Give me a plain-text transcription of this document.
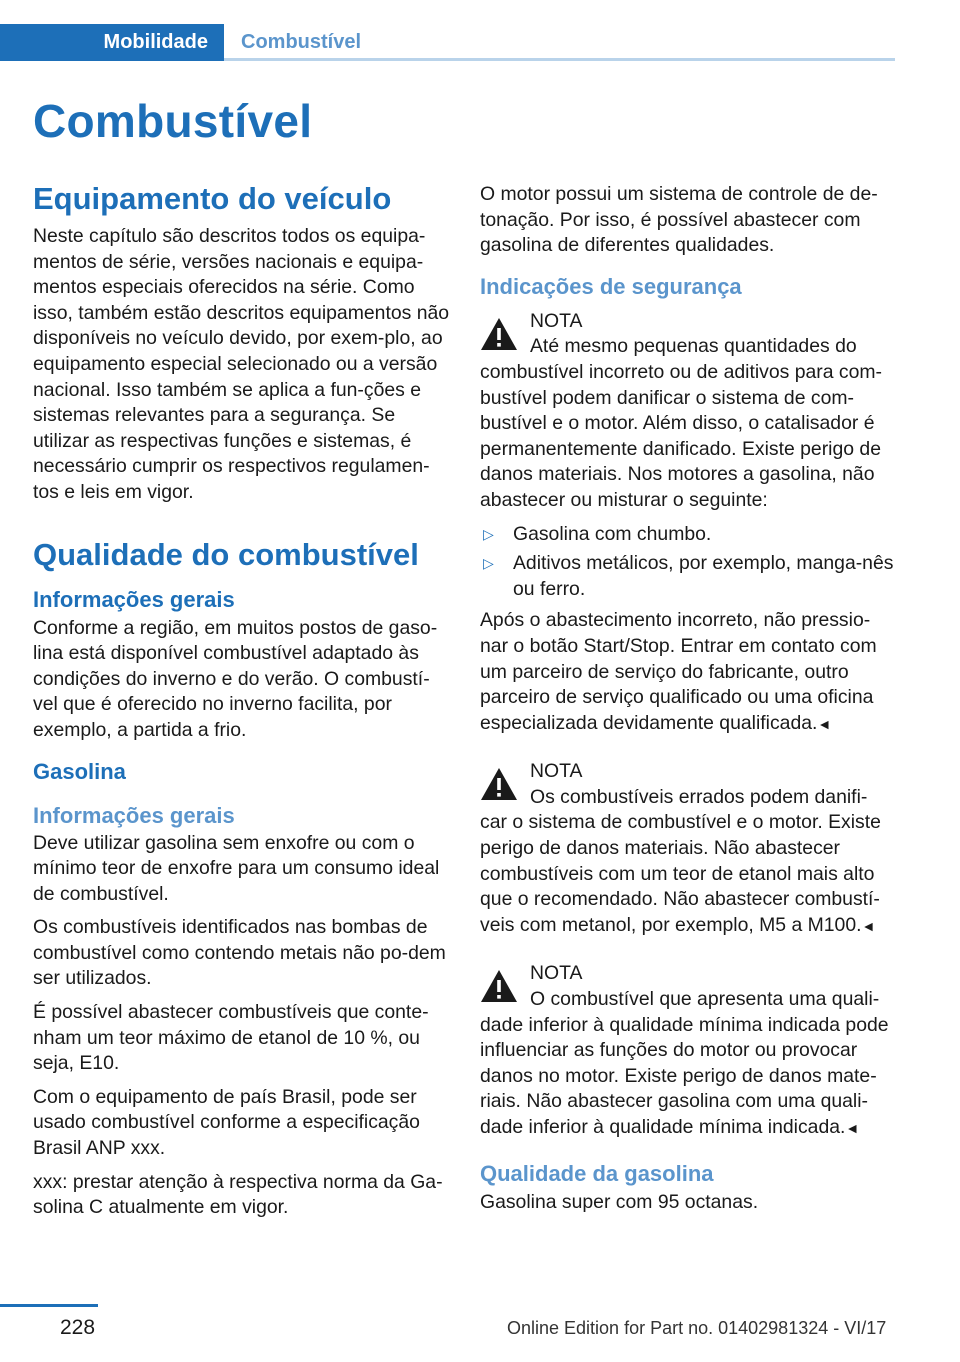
Mobilidade	Combustível
Combustível
Equipamento do veículo

Neste capítulo são descritos todos os equipa-mentos de série, versões nacionais e equipa-mentos especiais oferecidos na série. Como isso, também estão descritos equipamentos não disponíveis no veículo devido, por exem-plo, ao equipamento especial selecionado ou a versão nacional. Isso também se aplica a fun-ções e sistemas relevantes para a segurança. Se utilizar as respectivas funções e sistemas, é necessário cumprir os respectivos regulamen-tos e leis em vigor.

Qualidade do combustível
Informações gerais

Conforme a região, em muitos postos de gaso-lina está disponível combustível adaptado às condições do inverno e do verão. O combustí-vel que é oferecido no inverno facilita, por exemplo, a partida a frio.

Gasolina
Informações gerais

Deve utilizar gasolina sem enxofre ou com o mínimo teor de enxofre para um consumo ideal de combustível.

Os combustíveis identificados nas bombas de combustível como contendo metais não po-dem ser utilizados.

É possível abastecer combustíveis que conte-nham um teor máximo de etanol de 10 %, ou seja, E10.

Com o equipamento de país Brasil, pode ser usado combustível conforme a especificação Brasil ANP xxx.

xxx: prestar atenção à respectiva norma da Ga-solina C atualmente em vigor.

O motor possui um sistema de controle de de-tonação. Por isso, é possível abastecer com gasolina de diferentes qualidades.

Indicações de segurança
NOTA
Até mesmo pequenas quantidades do
combustível incorreto ou de aditivos para com-bustível podem danificar o sistema de com-bustível e o motor. Além disso, o catalisador é permanentemente danificado. Existe perigo de danos materiais. Nos motores a gasolina, não abastecer ou misturar o seguinte:
▷ Gasolina com chumbo.
▷ Aditivos metálicos, por exemplo, manga-nês ou ferro.

Após o abastecimento incorreto, não pressio-nar o botão Start/Stop. Entrar em contato com um parceiro de serviço do fabricante, outro parceiro de serviço qualificado ou uma oficina especializada devidamente qualificada.◄

NOTA
Os combustíveis errados podem danifi-
car o sistema de combustível e o motor. Existe perigo de danos materiais. Não abastecer combustíveis com um teor de etanol mais alto que o recomendado. Não abastecer combustí-veis com metanol, por exemplo, M5 a M100.◄
NOTA
O combustível que apresenta uma quali-
dade inferior à qualidade mínima indicada pode influenciar as funções do motor ou provocar danos no motor. Existe perigo de danos mate-riais. Não abastecer gasolina com uma quali-dade inferior à qualidade mínima indicada.◄
Qualidade da gasolina

Gasolina super com 95 octanas.

228	Online Edition for Part no. 01402981324 - VI/17
